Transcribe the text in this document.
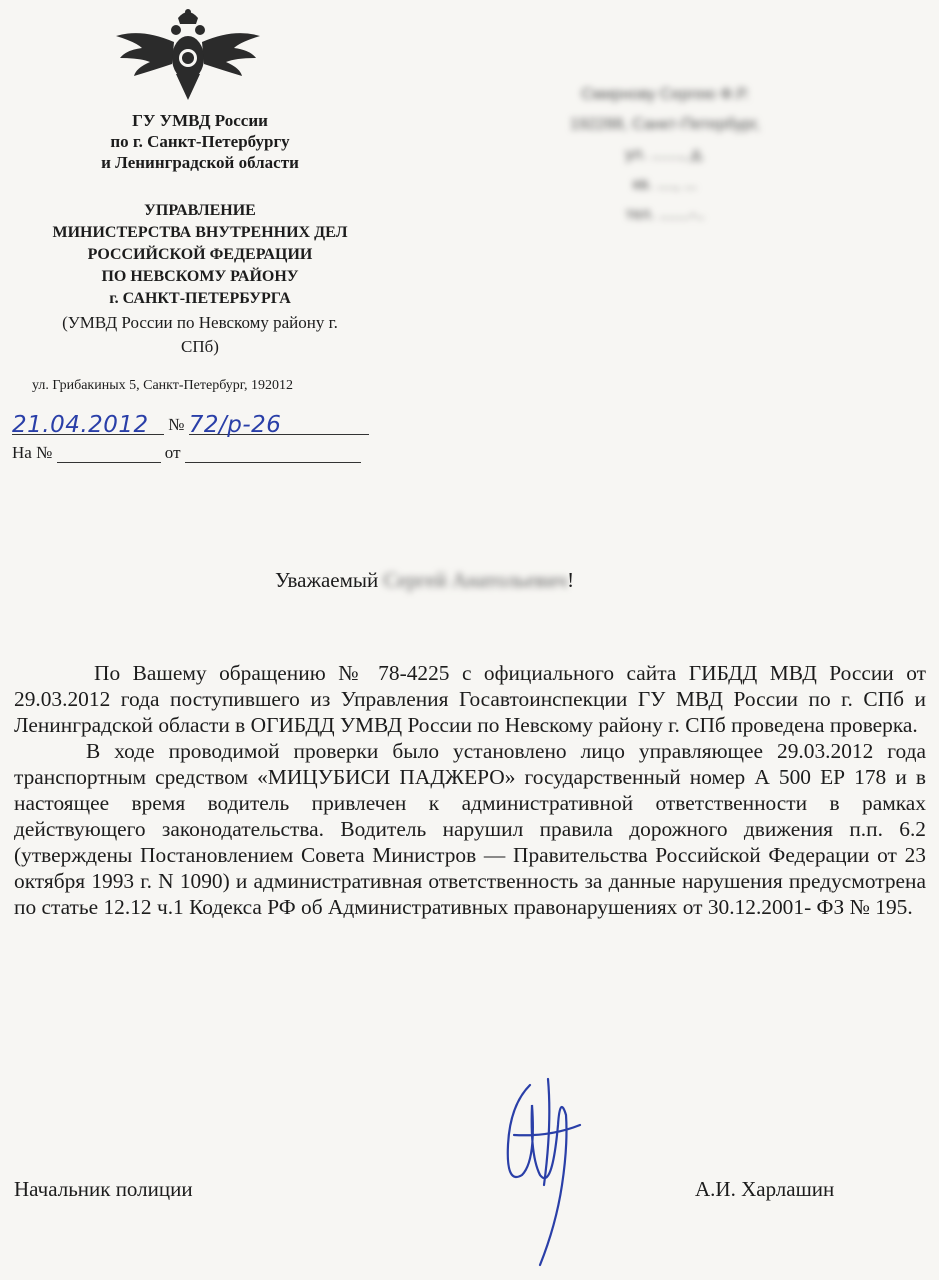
ГУ УМВД России
по г. Санкт-Петербургу
и Ленинградской области
УПРАВЛЕНИЕ
МИНИСТЕРСТВА ВНУТРЕННИХ ДЕЛ
РОССИЙСКОЙ ФЕДЕРАЦИИ
ПО НЕВСКОМУ РАЙОНУ
г. САНКТ-ПЕТЕРБУРГА
(УМВД России по Невскому району г.
СПб)
ул. Грибакиных 5, Санкт-Петербург, 192012
21.04.2012 № 72/р-26
На №	от
Смирнову Сергею Ф.Р.
192288, Санкт-Петербург,
ул. ......., д.
кв. ...., ...
тел. .......-..
Уважаемый Сергей Анатольевич!

По Вашему обращению № 78-4225 с официального сайта ГИБДД МВД России от 29.03.2012 года поступившего из Управления Госавтоинспекции ГУ МВД России по г. СПб и Ленинградской области в ОГИБДД УМВД России по Невскому району г. СПб проведена проверка.

В ходе проводимой проверки было установлено лицо управляющее 29.03.2012 года транспортным средством «МИЦУБИСИ ПАДЖЕРО» государственный номер А 500 ЕР 178 и в настоящее время водитель привлечен к административной ответственности в рамках действующего законодательства. Водитель нарушил правила дорожного движения п.п. 6.2 (утверждены Постановлением Совета Министров — Правительства Российской Федерации от 23 октября 1993 г. N 1090) и административная ответственность за данные нарушения предусмотрена по статье 12.12 ч.1 Кодекса РФ об Административных правонарушениях от 30.12.2001- ФЗ № 195.

Начальник полиции	А.И. Харлашин
